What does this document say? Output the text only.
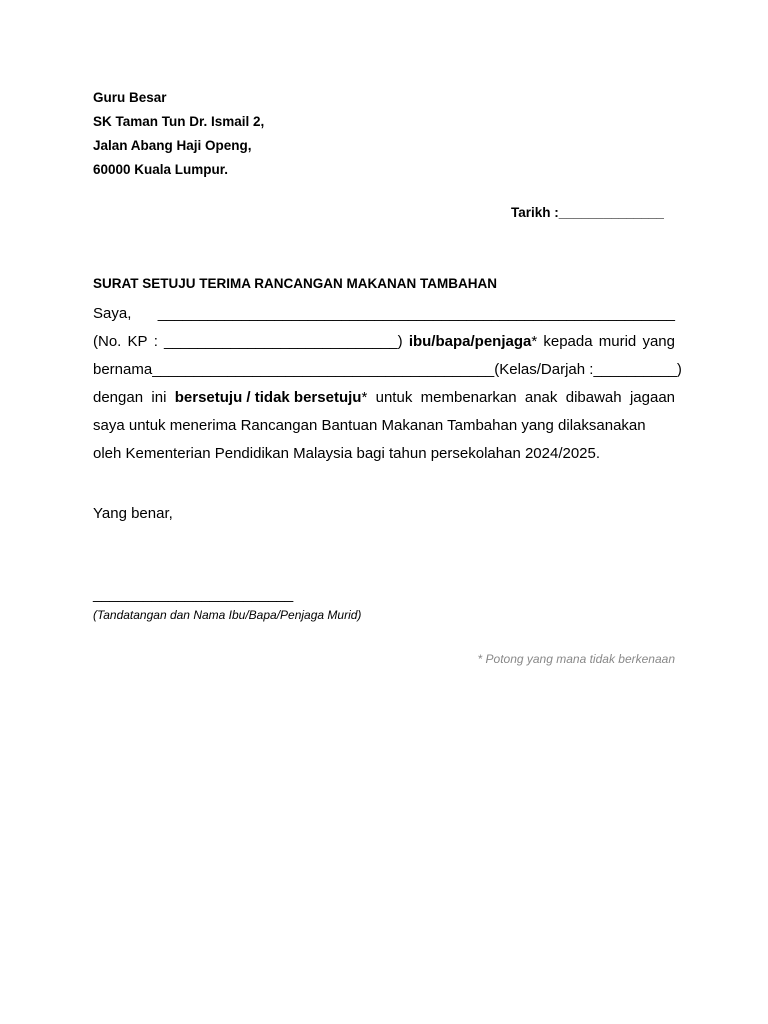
Guru Besar
SK Taman Tun Dr. Ismail 2,
Jalan Abang Haji Openg,
60000 Kuala Lumpur.
Tarikh :______________
SURAT SETUJU TERIMA RANCANGAN MAKANAN TAMBAHAN
Saya, ______________________________________________________________
(No. KP : ____________________________) ibu/bapa/penjaga* kepada murid yang
bernama _________________________________________ (Kelas/Darjah :__________)
dengan ini bersetuju / tidak bersetuju* untuk membenarkan anak dibawah jagaan
saya untuk menerima Rancangan Bantuan Makanan Tambahan yang dilaksanakan
oleh Kementerian Pendidikan Malaysia bagi tahun persekolahan 2024/2025.
Yang benar,
________________________
(Tandatangan dan Nama Ibu/Bapa/Penjaga Murid)
* Potong yang mana tidak berkenaan
